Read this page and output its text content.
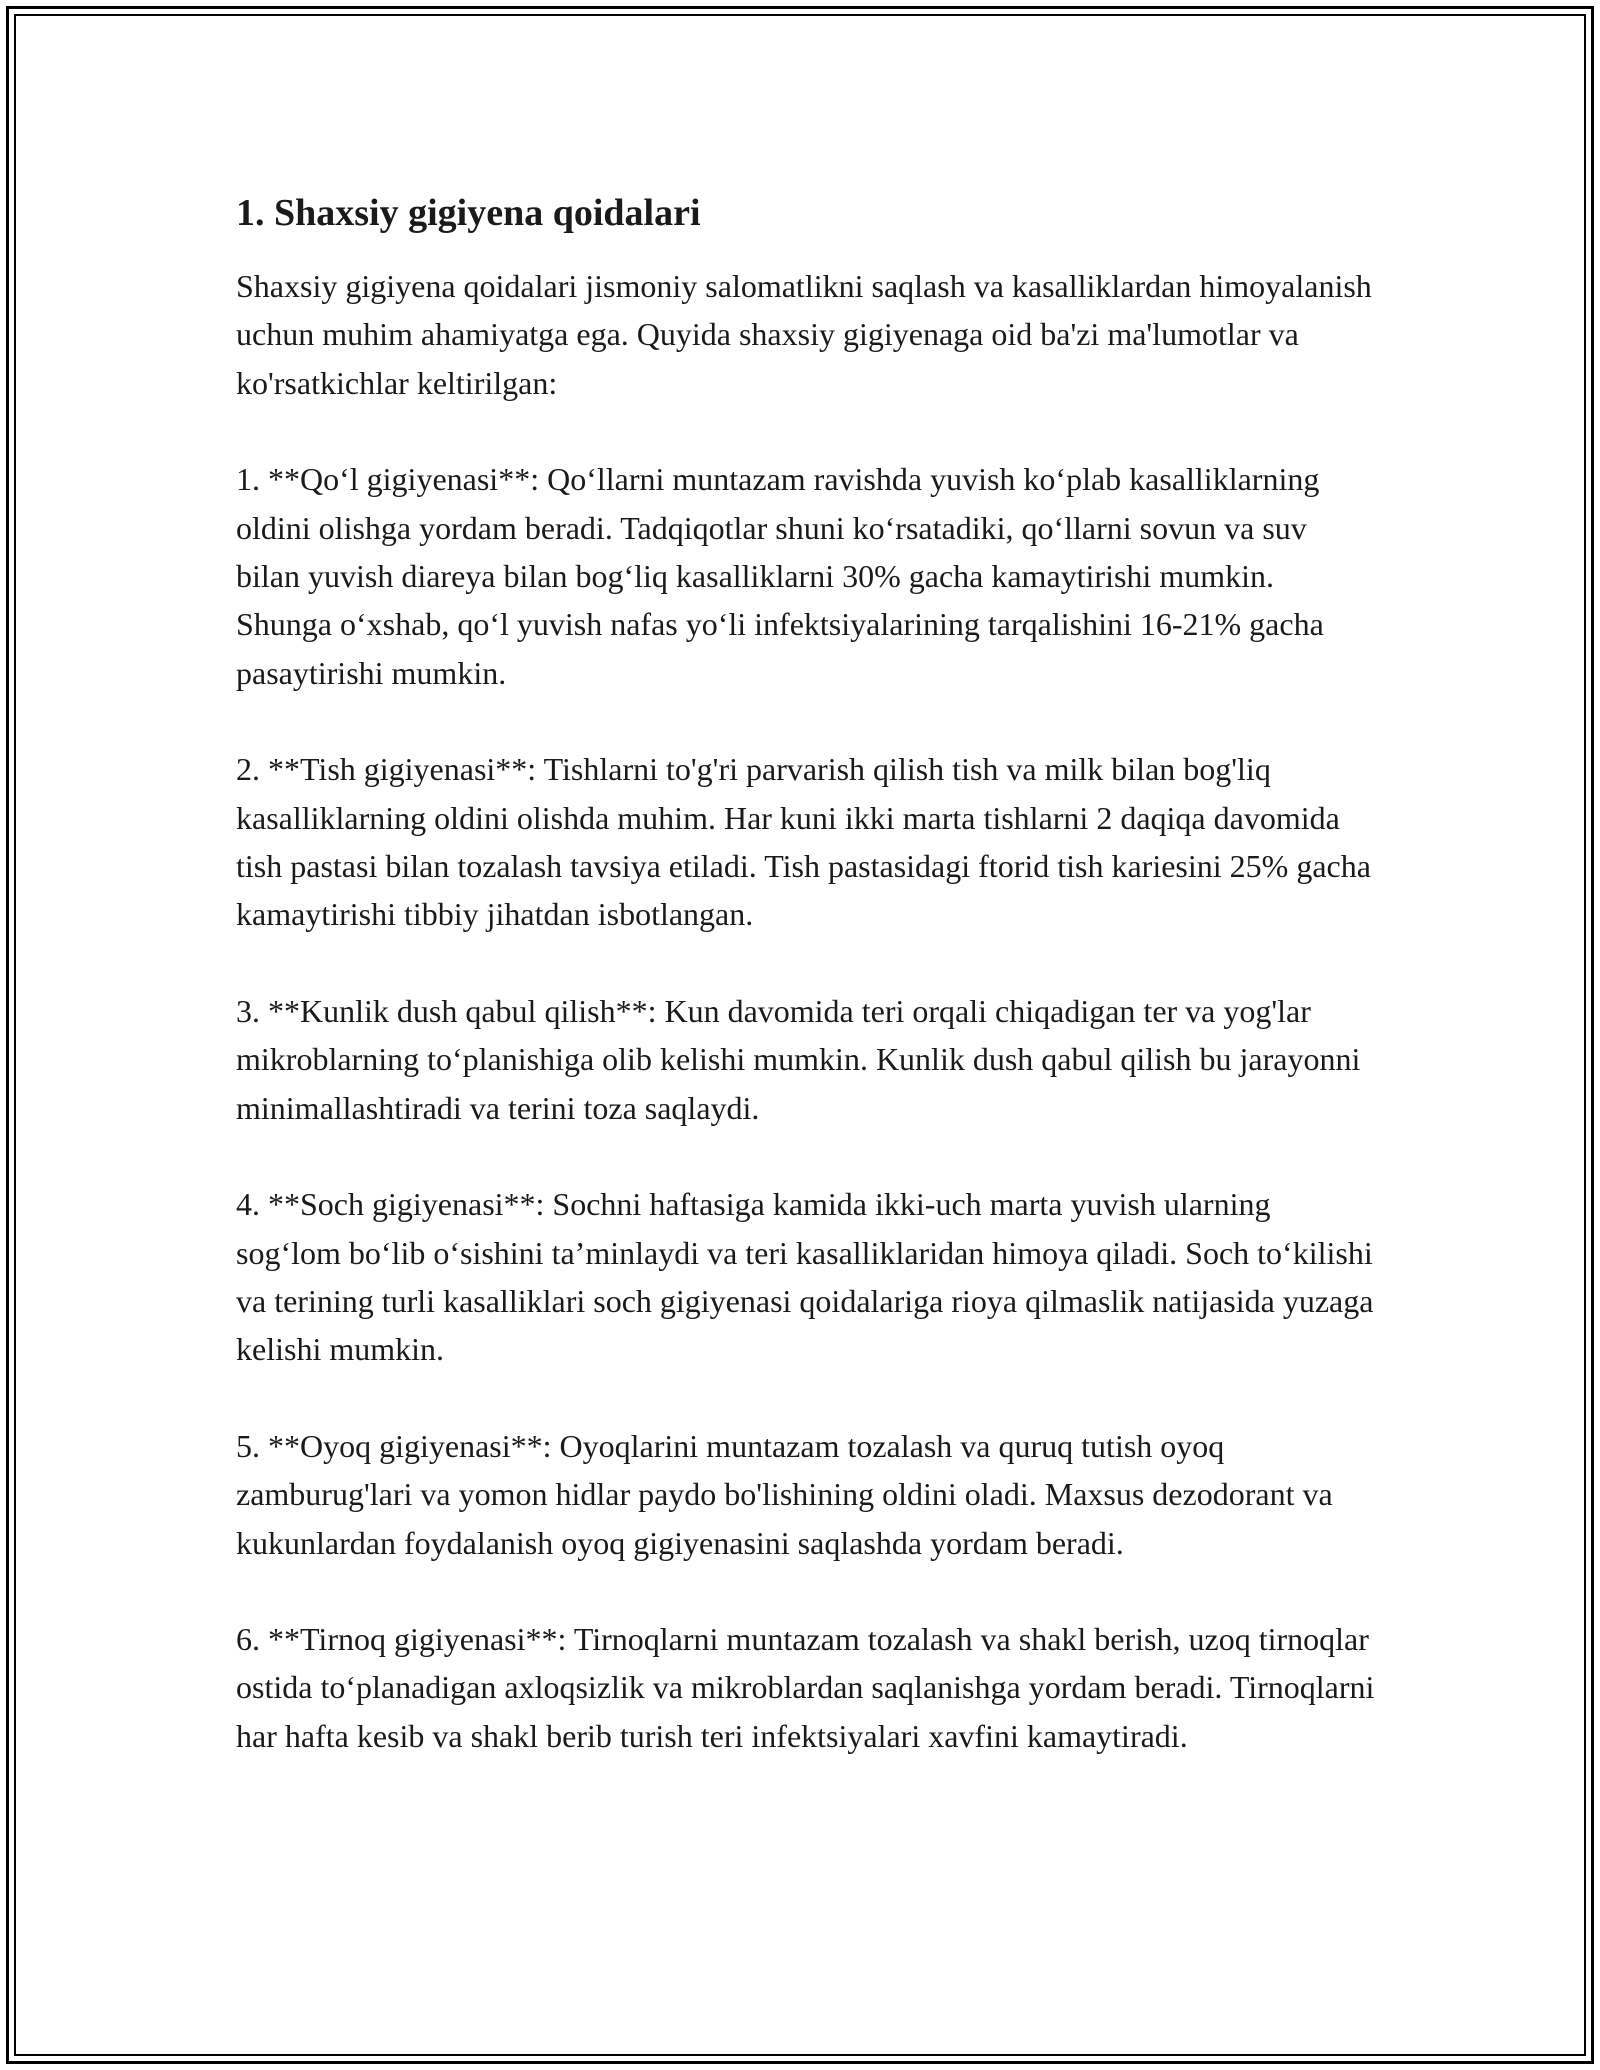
1. Shaxsiy gigiyena qoidalari

Shaxsiy gigiyena qoidalari jismoniy salomatlikni saqlash va kasalliklardan himoyalanish uchun muhim ahamiyatga ega. Quyida shaxsiy gigiyenaga oid ba'zi ma'lumotlar va ko'rsatkichlar keltirilgan:

1. **Qoʻl gigiyenasi**: Qoʻllarni muntazam ravishda yuvish koʻplab kasalliklarning oldini olishga yordam beradi. Tadqiqotlar shuni koʻrsatadiki, qoʻllarni sovun va suv bilan yuvish diareya bilan bogʻliq kasalliklarni 30% gacha kamaytirishi mumkin. Shunga oʻxshab, qoʻl yuvish nafas yoʻli infektsiyalarining tarqalishini 16-21% gacha pasaytirishi mumkin.

2. **Tish gigiyenasi**: Tishlarni to'g'ri parvarish qilish tish va milk bilan bog'liq kasalliklarning oldini olishda muhim. Har kuni ikki marta tishlarni 2 daqiqa davomida tish pastasi bilan tozalash tavsiya etiladi. Tish pastasidagi ftorid tish kariesini 25% gacha kamaytirishi tibbiy jihatdan isbotlangan.

3. **Kunlik dush qabul qilish**: Kun davomida teri orqali chiqadigan ter va yog'lar mikroblarning toʻplanishiga olib kelishi mumkin. Kunlik dush qabul qilish bu jarayonni minimallashtiradi va terini toza saqlaydi.

4. **Soch gigiyenasi**: Sochni haftasiga kamida ikki-uch marta yuvish ularning sogʻlom boʻlib oʻsishini taʼminlaydi va teri kasalliklaridan himoya qiladi. Soch toʻkilishi va terining turli kasalliklari soch gigiyenasi qoidalariga rioya qilmaslik natijasida yuzaga kelishi mumkin.

5. **Oyoq gigiyenasi**: Oyoqlarini muntazam tozalash va quruq tutish oyoq zamburug'lari va yomon hidlar paydo bo'lishining oldini oladi. Maxsus dezodorant va kukunlardan foydalanish oyoq gigiyenasini saqlashda yordam beradi.

6. **Tirnoq gigiyenasi**: Tirnoqlarni muntazam tozalash va shakl berish, uzoq tirnoqlar ostida toʻplanadigan axloqsizlik va mikroblardan saqlanishga yordam beradi. Tirnoqlarni har hafta kesib va shakl berib turish teri infektsiyalari xavfini kamaytiradi.
